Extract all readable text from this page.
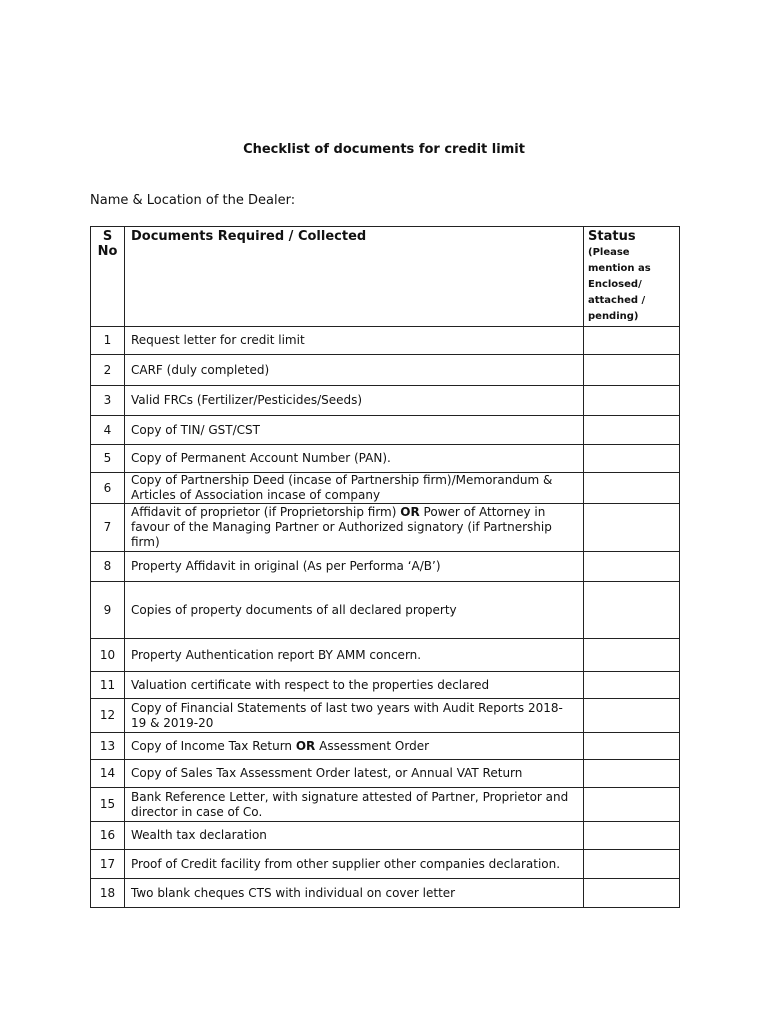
Checklist of documents for credit limit
Name & Location of the Dealer:
S No	Documents Required / Collected	Status (Please mention as Enclosed/ attached / pending)
1	Request letter for credit limit	
2	CARF (duly completed)	
3	Valid FRCs (Fertilizer/Pesticides/Seeds)	
4	Copy of TIN/ GST/CST	
5	Copy of Permanent Account Number (PAN).	
6	Copy of Partnership Deed (incase of Partnership firm)/Memorandum & Articles of Association incase of company	
7	Affidavit of proprietor (if Proprietorship firm) OR Power of Attorney in favour of the Managing Partner or Authorized signatory (if Partnership firm)	
8	Property Affidavit in original (As per Performa ‘A/B’)	
9	Copies of property documents of all declared property	
10	Property Authentication report BY AMM concern.	
11	Valuation certificate with respect to the properties declared	
12	Copy of Financial Statements of last two years with Audit Reports 2018-19 & 2019-20	
13	Copy of Income Tax Return OR Assessment Order	
14	Copy of Sales Tax Assessment Order latest, or Annual VAT Return	
15	Bank Reference Letter, with signature attested of Partner, Proprietor and director in case of Co.	
16	Wealth tax declaration	
17	Proof of Credit facility from other supplier other companies declaration.	
18	Two blank cheques CTS with individual on cover letter	
